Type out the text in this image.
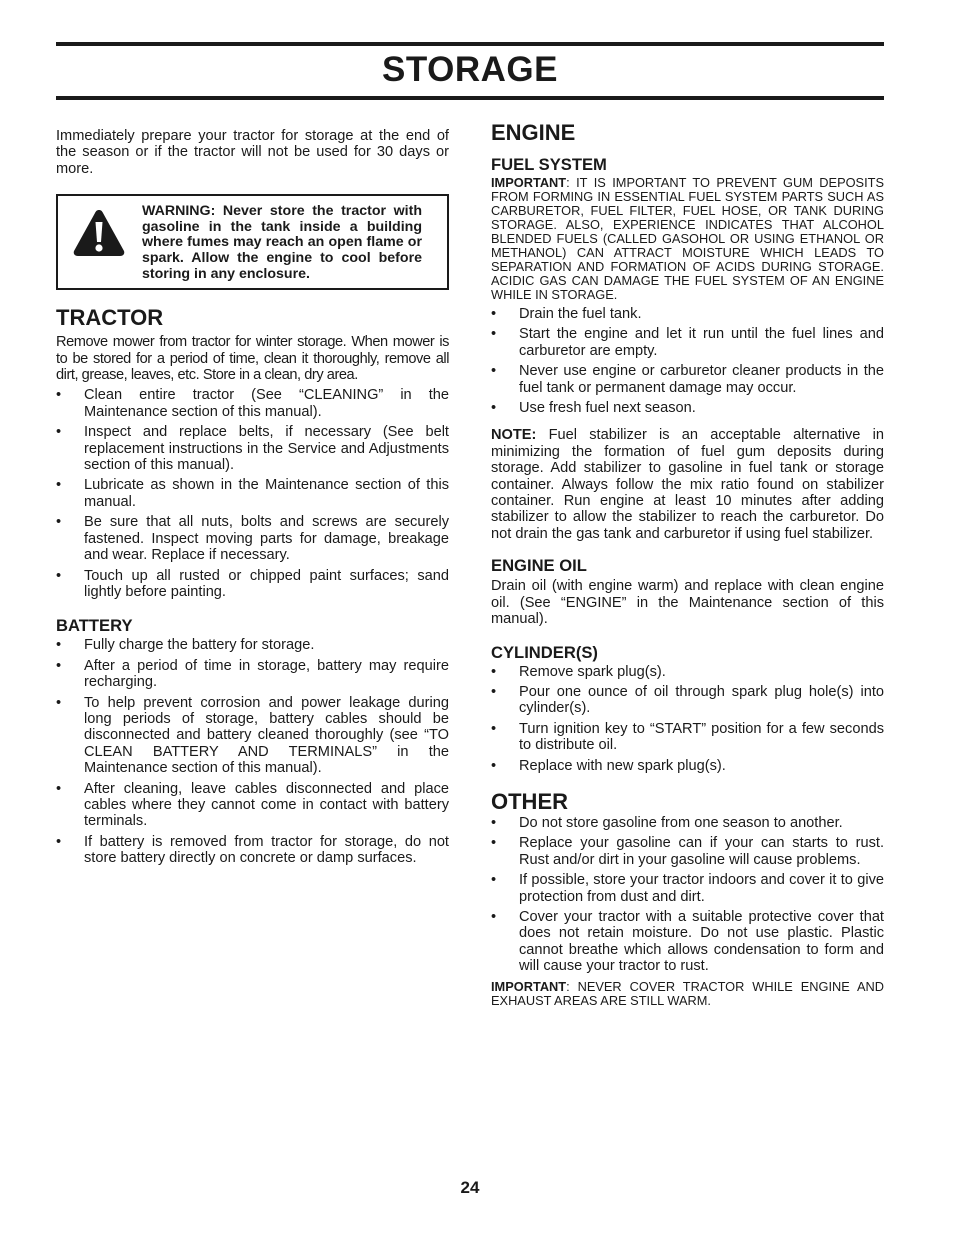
STORAGE

Immediately prepare your tractor for storage at the end of the season or if the tractor will not be used for 30 days or more.

WARNING: Never store the tractor with gasoline in the tank inside a building where fumes may reach an open flame or spark. Allow the engine to cool before storing in any enclosure.
TRACTOR

Remove mower from tractor for winter storage. When mower is to be stored for a period of time, clean it thoroughly, remove all dirt, grease, leaves, etc. Store in a clean, dry area.

• Clean entire tractor (See “CLEANING” in the Maintenance section of this manual).
• Inspect and replace belts, if necessary (See belt replacement instructions in the Service and Adjustments section of this manual).
• Lubricate as shown in the Maintenance section of this manual.
• Be sure that all nuts, bolts and screws are securely fastened. Inspect moving parts for damage, breakage and wear. Replace if necessary.
• Touch up all rusted or chipped paint surfaces; sand lightly before painting.
BATTERY
• Fully charge the battery for storage.
• After a period of time in storage, battery may require recharging.
• To help prevent corrosion and power leakage during long periods of storage, battery cables should be disconnected and battery cleaned thoroughly (see “TO CLEAN BATTERY AND TERMINALS” in the Maintenance section of this manual).
• After cleaning, leave cables disconnected and place cables where they cannot come in contact with battery terminals.
• If battery is removed from tractor for storage, do not store battery directly on concrete or damp surfaces.
ENGINE
FUEL SYSTEM

IMPORTANT: IT IS IMPORTANT TO PREVENT GUM DEPOSITS FROM FORMING IN ESSENTIAL FUEL SYSTEM PARTS SUCH AS CARBURETOR, FUEL FILTER, FUEL HOSE, OR TANK DURING STORAGE. ALSO, EXPERIENCE INDICATES THAT ALCOHOL BLENDED FUELS (CALLED GASOHOL OR USING ETHANOL OR METHANOL) CAN ATTRACT MOISTURE WHICH LEADS TO SEPARATION AND FORMATION OF ACIDS DURING STORAGE. ACIDIC GAS CAN DAMAGE THE FUEL SYSTEM OF AN ENGINE WHILE IN STORAGE.

• Drain the fuel tank.
• Start the engine and let it run until the fuel lines and carburetor are empty.
• Never use engine or carburetor cleaner products in the fuel tank or permanent damage may occur.
• Use fresh fuel next season.

NOTE: Fuel stabilizer is an acceptable alternative in minimizing the formation of fuel gum deposits during storage. Add stabilizer to gasoline in fuel tank or storage container. Always follow the mix ratio found on stabilizer container. Run engine at least 10 minutes after adding stabilizer to allow the stabilizer to reach the carburetor. Do not drain the gas tank and carburetor if using fuel stabilizer.

ENGINE OIL

Drain oil (with engine warm) and replace with clean engine oil. (See “ENGINE” in the Maintenance section of this manual).

CYLINDER(S)
• Remove spark plug(s).
• Pour one ounce of oil through spark plug hole(s) into cylinder(s).
• Turn ignition key to “START” position for a few seconds to distribute oil.
• Replace with new spark plug(s).
OTHER
• Do not store gasoline from one season to another.
• Replace your gasoline can if your can starts to rust. Rust and/or dirt in your gasoline will cause problems.
• If possible, store your tractor indoors and cover it to give protection from dust and dirt.
• Cover your tractor with a suitable protective cover that does not retain moisture. Do not use plastic. Plastic cannot breathe which allows condensation to form and will cause your tractor to rust.

IMPORTANT: NEVER COVER TRACTOR WHILE ENGINE AND EXHAUST AREAS ARE STILL WARM.

24
